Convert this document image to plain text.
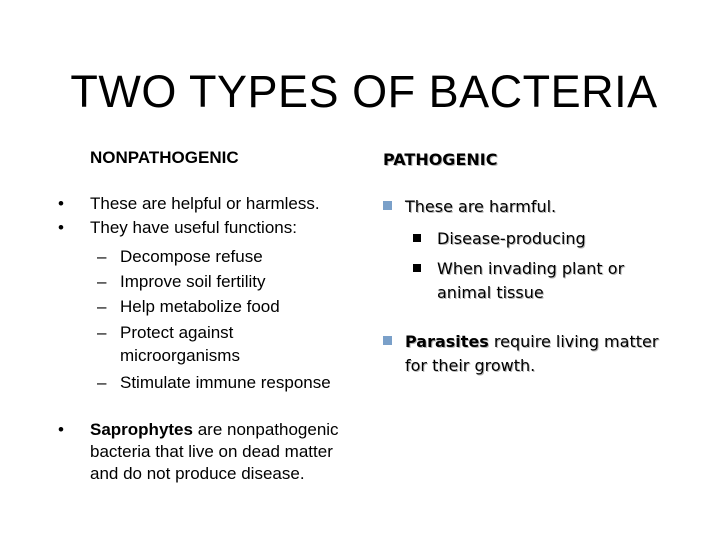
TWO TYPES OF BACTERIA
NONPATHOGENIC
• These are helpful or harmless.
• They have useful functions:
– Decompose refuse
– Improve soil fertility
– Help metabolize food
– Protect against
microorganisms
– Stimulate immune response
• Saprophytes are nonpathogenic
bacteria that live on dead matter
and do not produce disease.
PATHOGENIC
These are harmful.
Disease-producing
When invading plant or
animal tissue
Parasites require living matter
for their growth.
